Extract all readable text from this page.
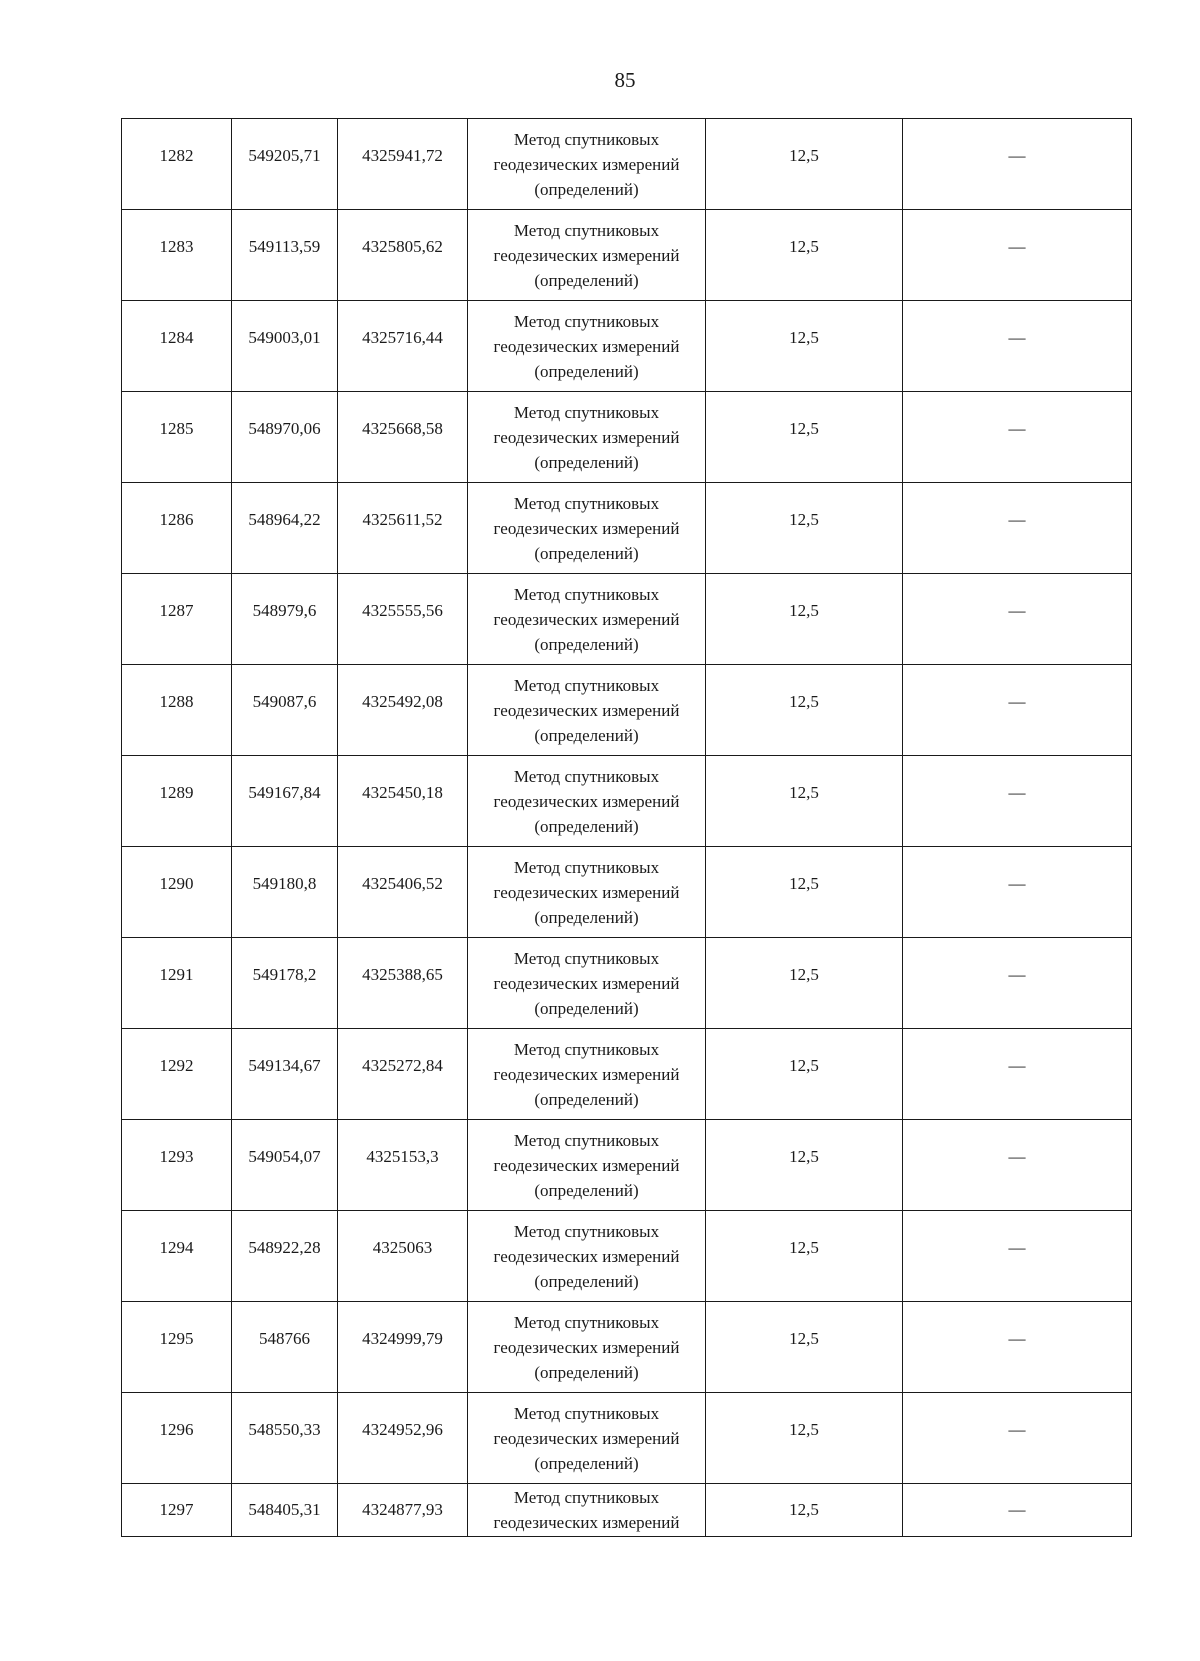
85
1282	549205,71	4325941,72	Метод спутниковых
геодезических измерений
(определений)	12,5	—

1283	549113,59	4325805,62	Метод спутниковых
геодезических измерений
(определений)	12,5	—

1284	549003,01	4325716,44	Метод спутниковых
геодезических измерений
(определений)	12,5	—

1285	548970,06	4325668,58	Метод спутниковых
геодезических измерений
(определений)	12,5	—

1286	548964,22	4325611,52	Метод спутниковых
геодезических измерений
(определений)	12,5	—

1287	548979,6	4325555,56	Метод спутниковых
геодезических измерений
(определений)	12,5	—

1288	549087,6	4325492,08	Метод спутниковых
геодезических измерений
(определений)	12,5	—

1289	549167,84	4325450,18	Метод спутниковых
геодезических измерений
(определений)	12,5	—

1290	549180,8	4325406,52	Метод спутниковых
геодезических измерений
(определений)	12,5	—

1291	549178,2	4325388,65	Метод спутниковых
геодезических измерений
(определений)	12,5	—

1292	549134,67	4325272,84	Метод спутниковых
геодезических измерений
(определений)	12,5	—

1293	549054,07	4325153,3	Метод спутниковых
геодезических измерений
(определений)	12,5	—

1294	548922,28	4325063	Метод спутниковых
геодезических измерений
(определений)	12,5	—

1295	548766	4324999,79	Метод спутниковых
геодезических измерений
(определений)	12,5	—

1296	548550,33	4324952,96	Метод спутниковых
геодезических измерений
(определений)	12,5	—

1297	548405,31	4324877,93	Метод спутниковых
геодезических измерений	12,5	—
